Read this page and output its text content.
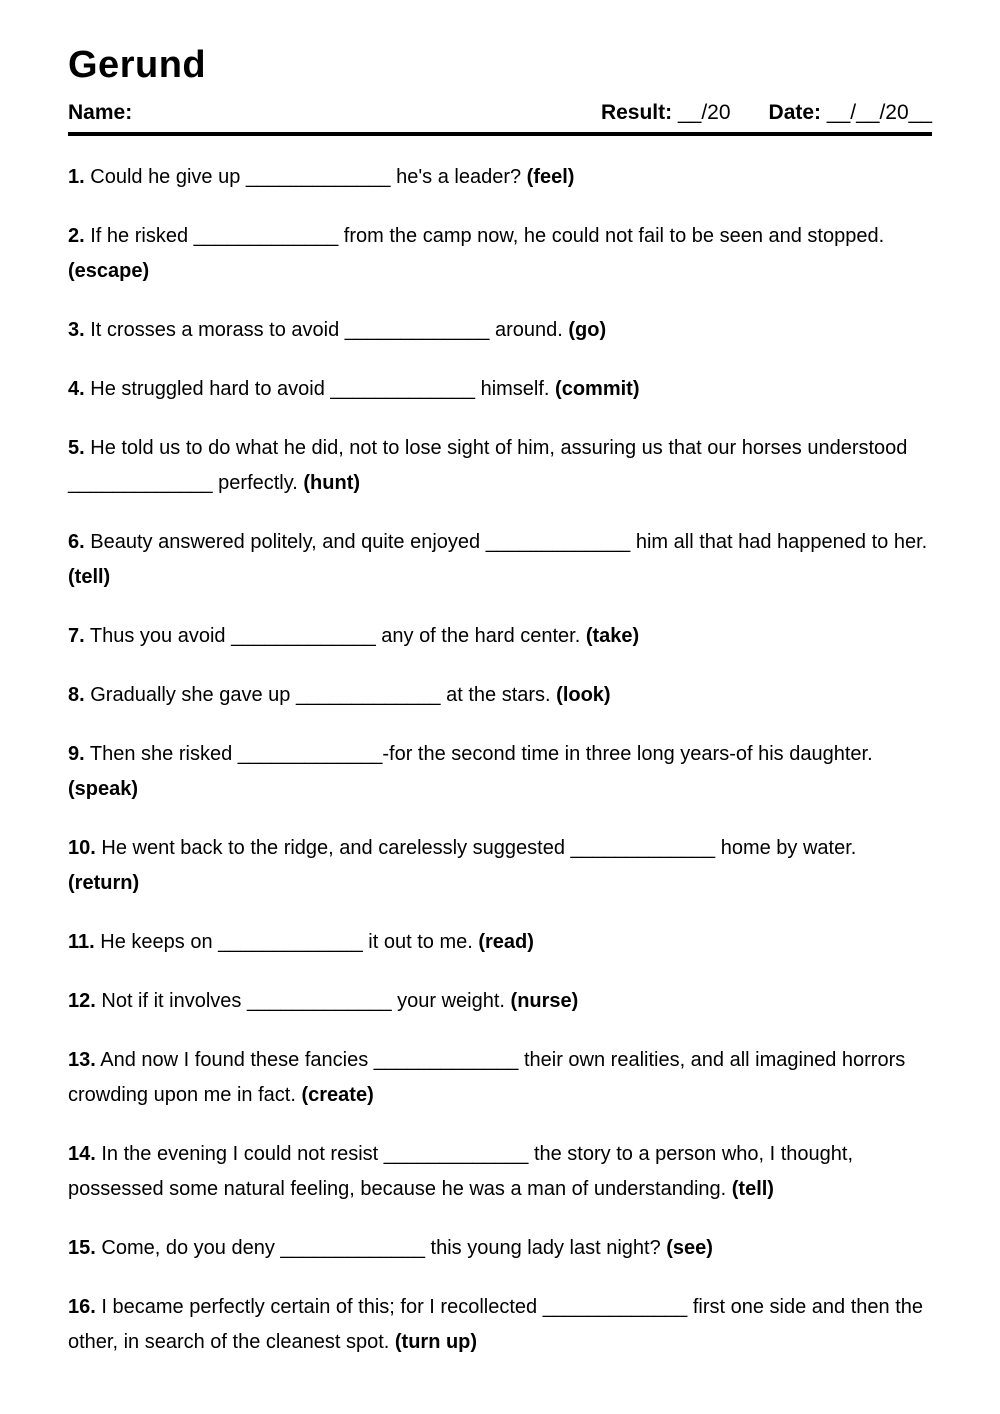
Gerund
Name:	Result: __/20 Date: __/__/20__

1. Could he give up _____________ he's a leader? (feel)

2. If he risked _____________ from the camp now, he could not fail to be seen and stopped. (escape)

3. It crosses a morass to avoid _____________ around. (go)

4. He struggled hard to avoid _____________ himself. (commit)

5. He told us to do what he did, not to lose sight of him, assuring us that our horses understood _____________ perfectly. (hunt)

6. Beauty answered politely, and quite enjoyed _____________ him all that had happened to her. (tell)

7. Thus you avoid _____________ any of the hard center. (take)

8. Gradually she gave up _____________ at the stars. (look)

9. Then she risked _____________-for the second time in three long years-of his daughter. (speak)

10. He went back to the ridge, and carelessly suggested _____________ home by water. (return)

11. He keeps on _____________ it out to me. (read)

12. Not if it involves _____________ your weight. (nurse)

13. And now I found these fancies _____________ their own realities, and all imagined horrors crowding upon me in fact. (create)

14. In the evening I could not resist _____________ the story to a person who, I thought, possessed some natural feeling, because he was a man of understanding. (tell)

15. Come, do you deny _____________ this young lady last night? (see)

16. I became perfectly certain of this; for I recollected _____________ first one side and then the other, in search of the cleanest spot. (turn up)
